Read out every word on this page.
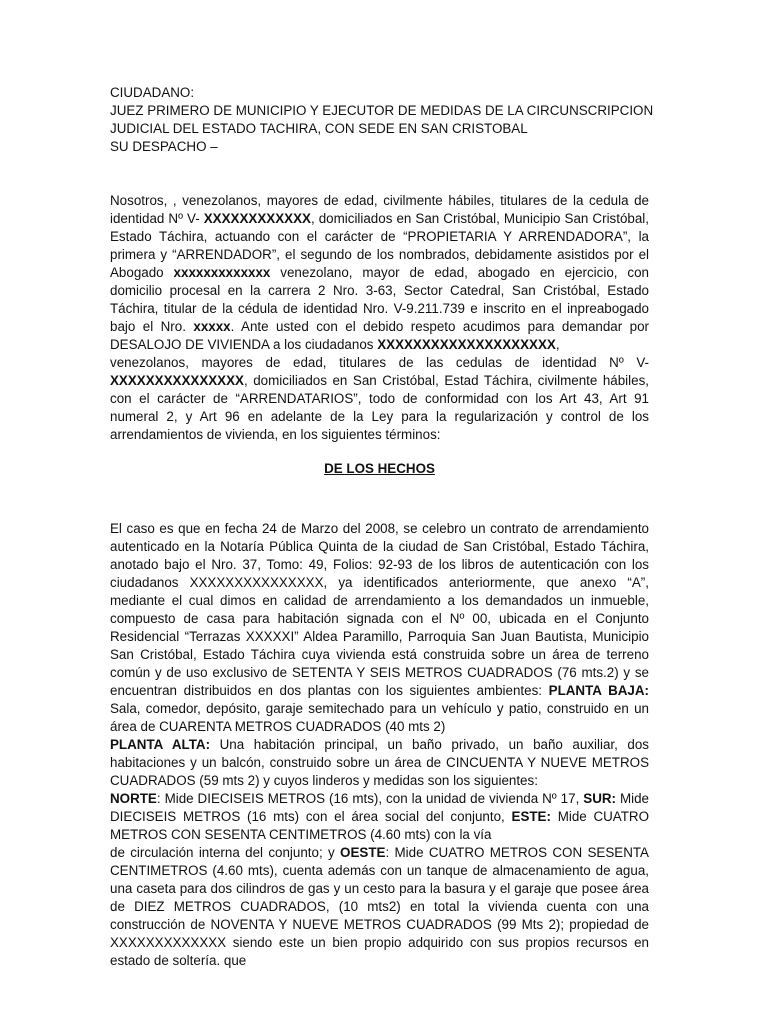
CIUDADANO:
JUEZ PRIMERO DE MUNICIPIO Y EJECUTOR DE MEDIDAS DE LA CIRCUNSCRIPCION
JUDICIAL DEL ESTADO TACHIRA, CON SEDE EN SAN CRISTOBAL
SU DESPACHO –

Nosotros, , venezolanos, mayores de edad, civilmente hábiles, titulares de la cedula de identidad Nº V- XXXXXXXXXXXX, domiciliados en San Cristóbal, Municipio San Cristóbal, Estado Táchira, actuando con el carácter de “PROPIETARIA Y ARRENDADORA”, la primera y “ARRENDADOR”, el segundo de los nombrados, debidamente asistidos por el Abogado xxxxxxxxxxxxx venezolano, mayor de edad, abogado en ejercicio, con domicilio procesal en la carrera 2 Nro. 3-63, Sector Catedral, San Cristóbal, Estado Táchira, titular de la cédula de identidad Nro. V-9.211.739 e inscrito en el inpreabogado bajo el Nro. xxxxx. Ante usted con el debido respeto acudimos para demandar por DESALOJO DE VIVIENDA a los ciudadanos XXXXXXXXXXXXXXXXXXXX,

venezolanos, mayores de edad, titulares de las cedulas de identidad Nº V- XXXXXXXXXXXXXXX, domiciliados en San Cristóbal, Estad Táchira, civilmente hábiles, con el carácter de “ARRENDATARIOS”, todo de conformidad con los Art 43, Art 91 numeral 2, y Art 96 en adelante de la Ley para la regularización y control de los arrendamientos de vivienda, en los siguientes términos:

DE LOS HECHOS

El caso es que en fecha 24 de Marzo del 2008, se celebro un contrato de arrendamiento autenticado en la Notaría Pública Quinta de la ciudad de San Cristóbal, Estado Táchira, anotado bajo el Nro. 37, Tomo: 49, Folios: 92-93 de los libros de autenticación con los ciudadanos XXXXXXXXXXXXXXX, ya identificados anteriormente, que anexo “A”, mediante el cual dimos en calidad de arrendamiento a los demandados un inmueble, compuesto de casa para habitación signada con el Nº 00, ubicada en el Conjunto Residencial “Terrazas XXXXXI” Aldea Paramillo, Parroquia San Juan Bautista, Municipio San Cristóbal, Estado Táchira cuya vivienda está construida sobre un área de terreno común y de uso exclusivo de SETENTA Y SEIS METROS CUADRADOS (76 mts.2) y se encuentran distribuidos en dos plantas con los siguientes ambientes: PLANTA BAJA: Sala, comedor, depósito, garaje semitechado para un vehículo y patio, construido en un área de CUARENTA METROS CUADRADOS (40 mts 2)

PLANTA ALTA: Una habitación principal, un baño privado, un baño auxiliar, dos habitaciones y un balcón, construido sobre un área de CINCUENTA Y NUEVE METROS CUADRADOS (59 mts 2) y cuyos linderos y medidas son los siguientes:

NORTE: Mide DIECISEIS METROS (16 mts), con la unidad de vivienda Nº 17, SUR: Mide DIECISEIS METROS (16 mts) con el área social del conjunto, ESTE: Mide CUATRO METROS CON SESENTA CENTIMETROS (4.60 mts) con la vía

de circulación interna del conjunto; y OESTE: Mide CUATRO METROS CON SESENTA CENTIMETROS (4.60 mts), cuenta además con un tanque de almacenamiento de agua, una caseta para dos cilindros de gas y un cesto para la basura y el garaje que posee área de DIEZ METROS CUADRADOS, (10 mts2) en total la vivienda cuenta con una construcción de NOVENTA Y NUEVE METROS CUADRADOS (99 Mts 2); propiedad de XXXXXXXXXXXXX siendo este un bien propio adquirido con sus propios recursos en estado de soltería. que
